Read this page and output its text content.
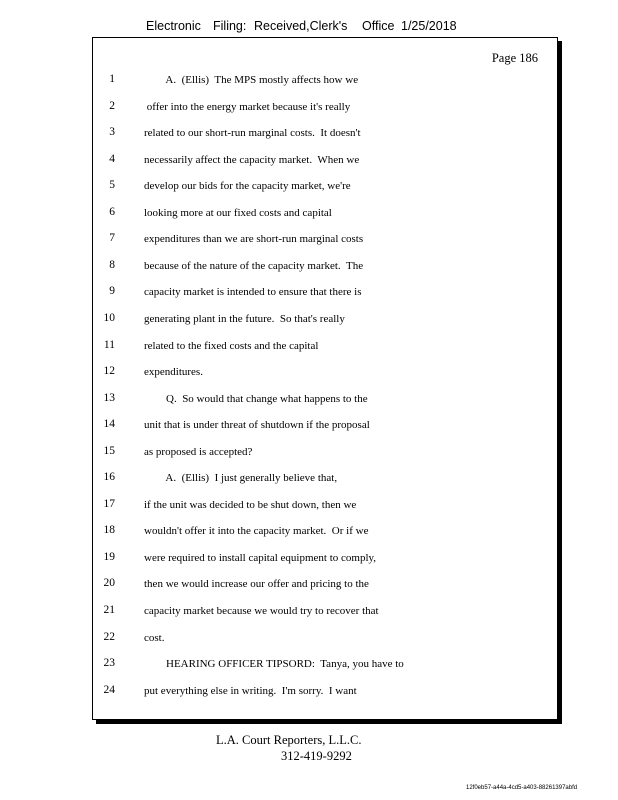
Electronic Filing: Received,Clerk's Office 1/25/2018
Page 186
1	A.  (Ellis)  The MPS mostly affects how we
2	offer into the energy market because it's really
3	related to our short-run marginal costs.  It doesn't
4	necessarily affect the capacity market.  When we
5	develop our bids for the capacity market, we're
6	looking more at our fixed costs and capital
7	expenditures than we are short-run marginal costs
8	because of the nature of the capacity market.  The
9	capacity market is intended to ensure that there is
10	generating plant in the future.  So that's really
11	related to the fixed costs and the capital
12	expenditures.
13	Q.  So would that change what happens to the
14	unit that is under threat of shutdown if the proposal
15	as proposed is accepted?
16	A.  (Ellis)  I just generally believe that,
17	if the unit was decided to be shut down, then we
18	wouldn't offer it into the capacity market.  Or if we
19	were required to install capital equipment to comply,
20	then we would increase our offer and pricing to the
21	capacity market because we would try to recover that
22	cost.
23	HEARING OFFICER TIPSORD:  Tanya, you have to
24	put everything else in writing.  I'm sorry.  I want
L.A. Court Reporters, L.L.C.
312-419-9292
12f0eb57-a44a-4cd5-a403-88261397abfd
